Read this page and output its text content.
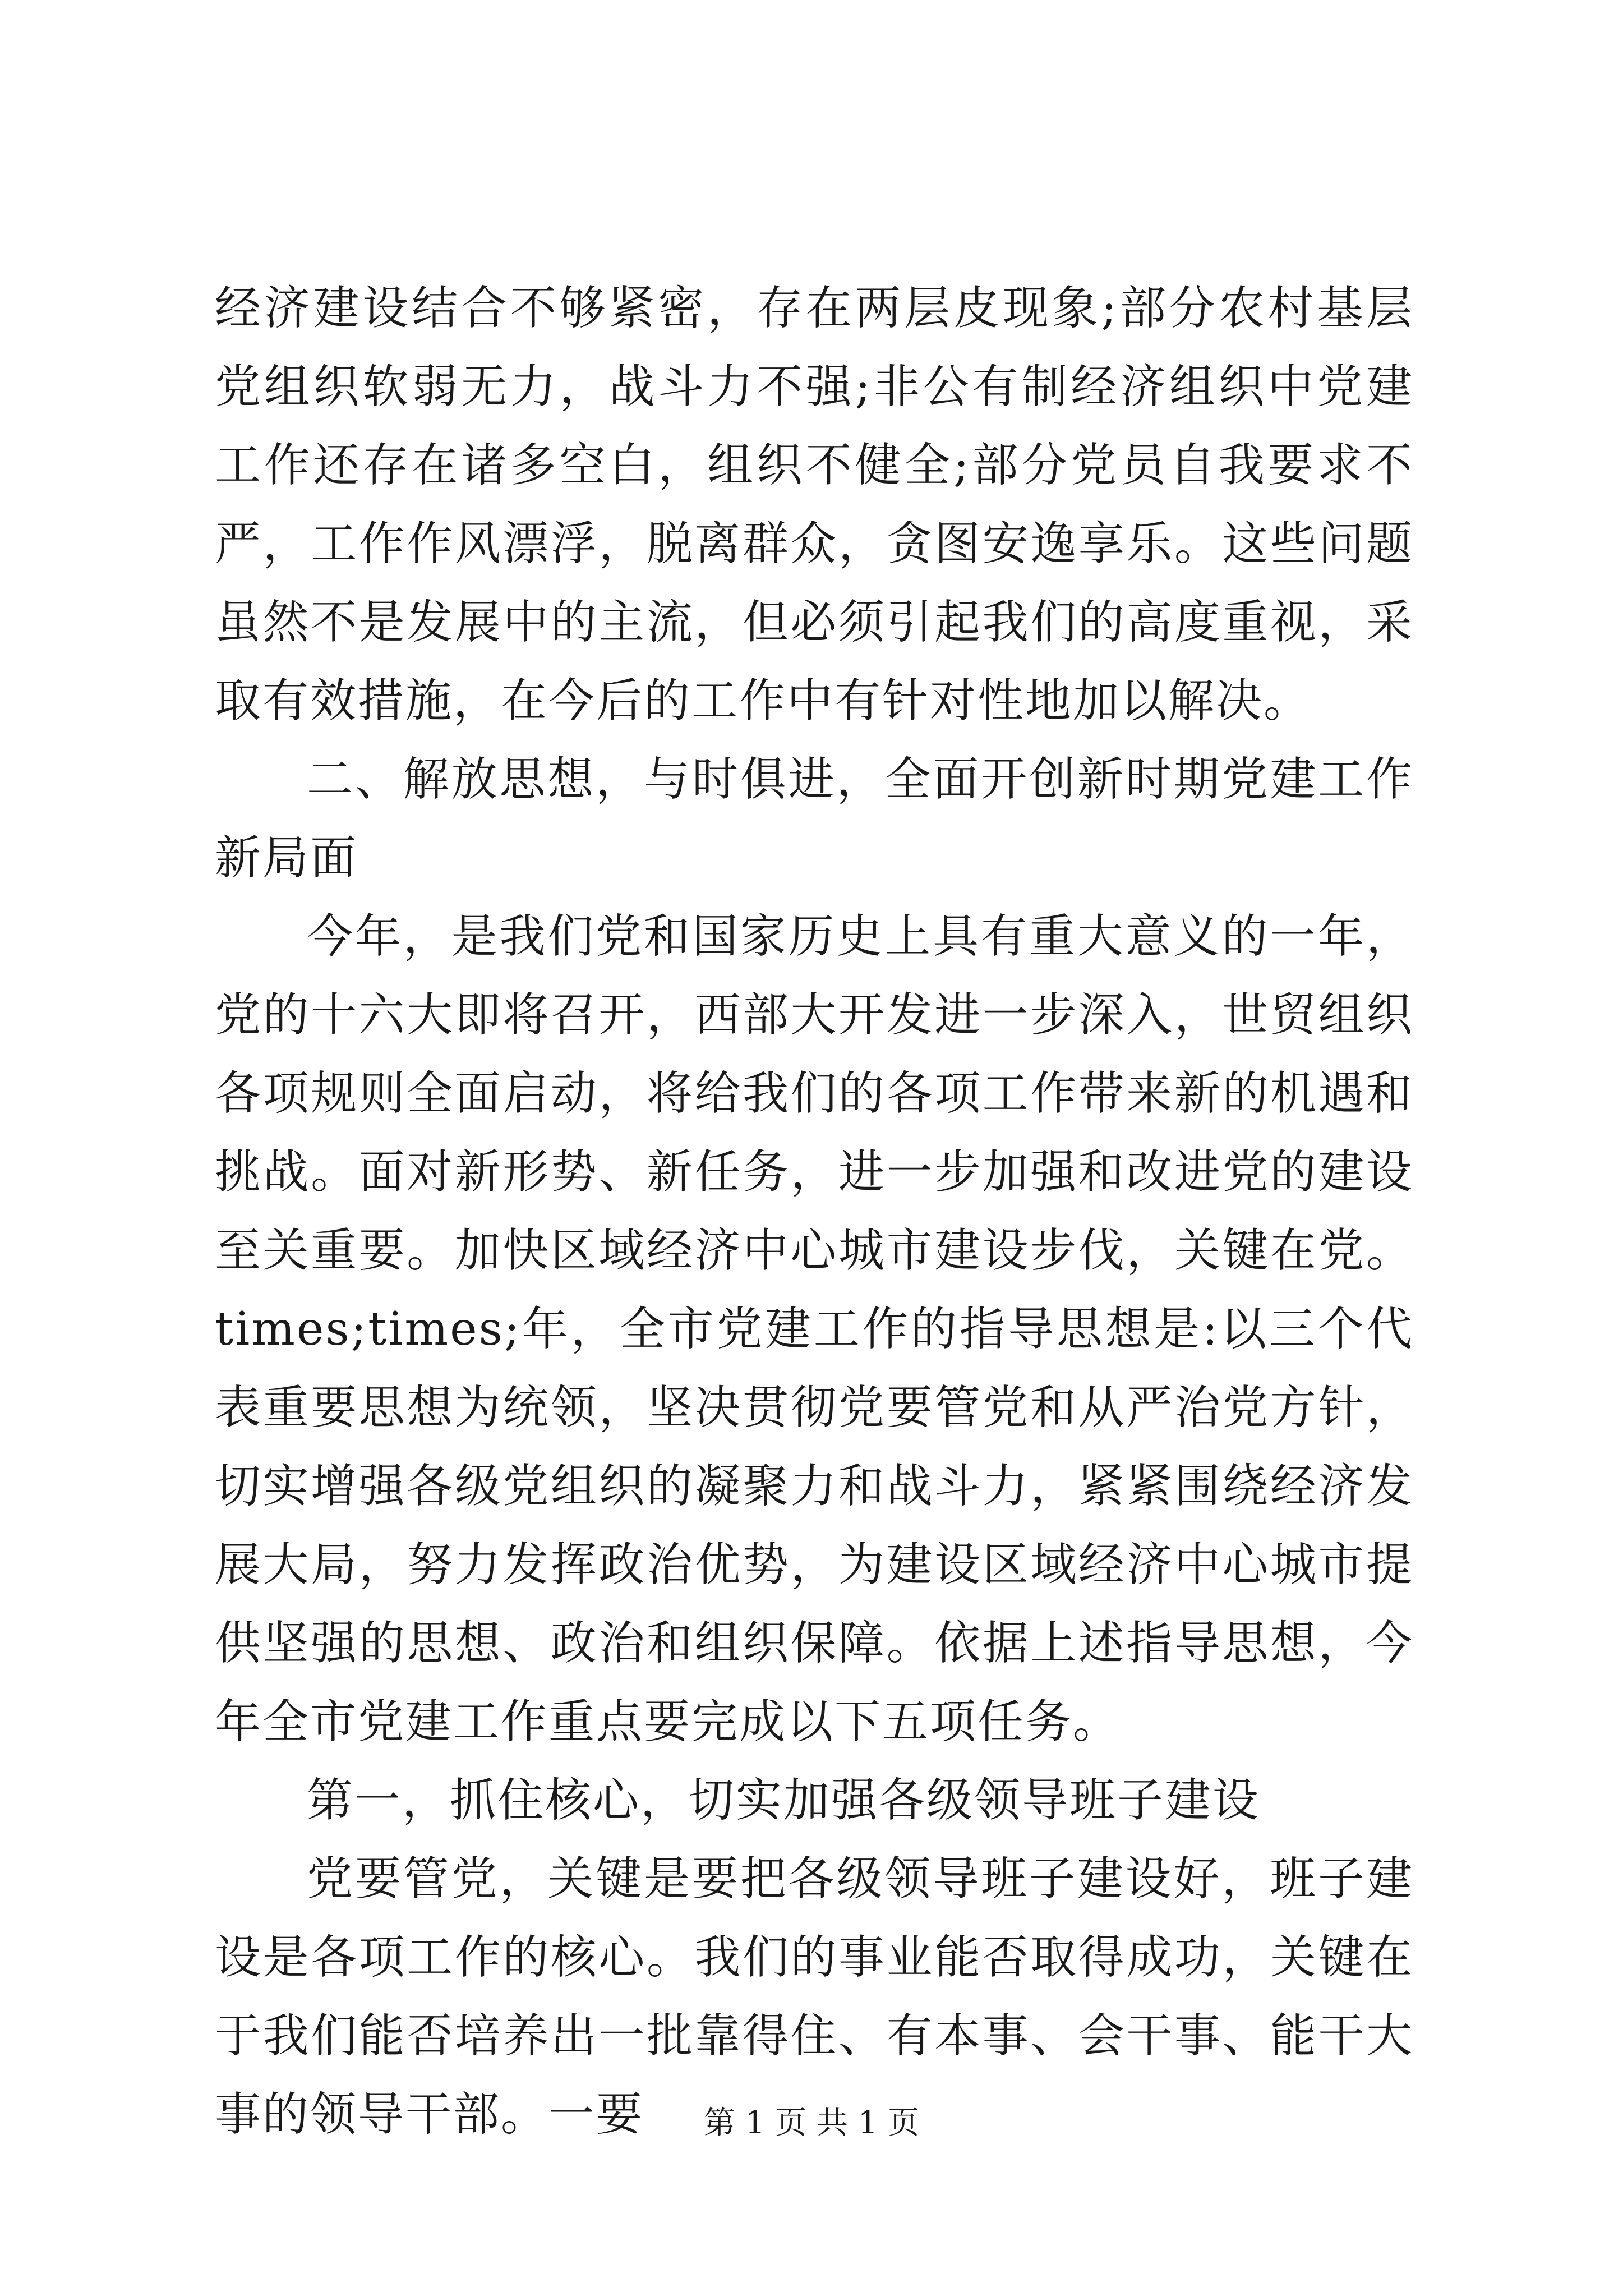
经济建设结合不够紧密，存在两层皮现象;部分农村基层党组织软弱无力，战斗力不强;非公有制经济组织中党建工作还存在诸多空白，组织不健全;部分党员自我要求不严，工作作风漂浮，脱离群众，贪图安逸享乐。这些问题虽然不是发展中的主流，但必须引起我们的高度重视，采取有效措施，在今后的工作中有针对性地加以解决。

二、解放思想，与时俱进，全面开创新时期党建工作新局面

今年，是我们党和国家历史上具有重大意义的一年，党的十六大即将召开，西部大开发进一步深入，世贸组织各项规则全面启动，将给我们的各项工作带来新的机遇和挑战。面对新形势、新任务，进一步加强和改进党的建设至关重要。加快区域经济中心城市建设步伐，关键在党。times;times;年，全市党建工作的指导思想是:以三个代表重要思想为统领，坚决贯彻党要管党和从严治党方针，切实增强各级党组织的凝聚力和战斗力，紧紧围绕经济发展大局，努力发挥政治优势，为建设区域经济中心城市提供坚强的思想、政治和组织保障。依据上述指导思想，今年全市党建工作重点要完成以下五项任务。

第一，抓住核心，切实加强各级领导班子建设

党要管党，关键是要把各级领导班子建设好，班子建设是各项工作的核心。我们的事业能否取得成功，关键在于我们能否培养出一批靠得住、有本事、会干事、能干大事的领导干部。一要	第 1 页 共 1 页
